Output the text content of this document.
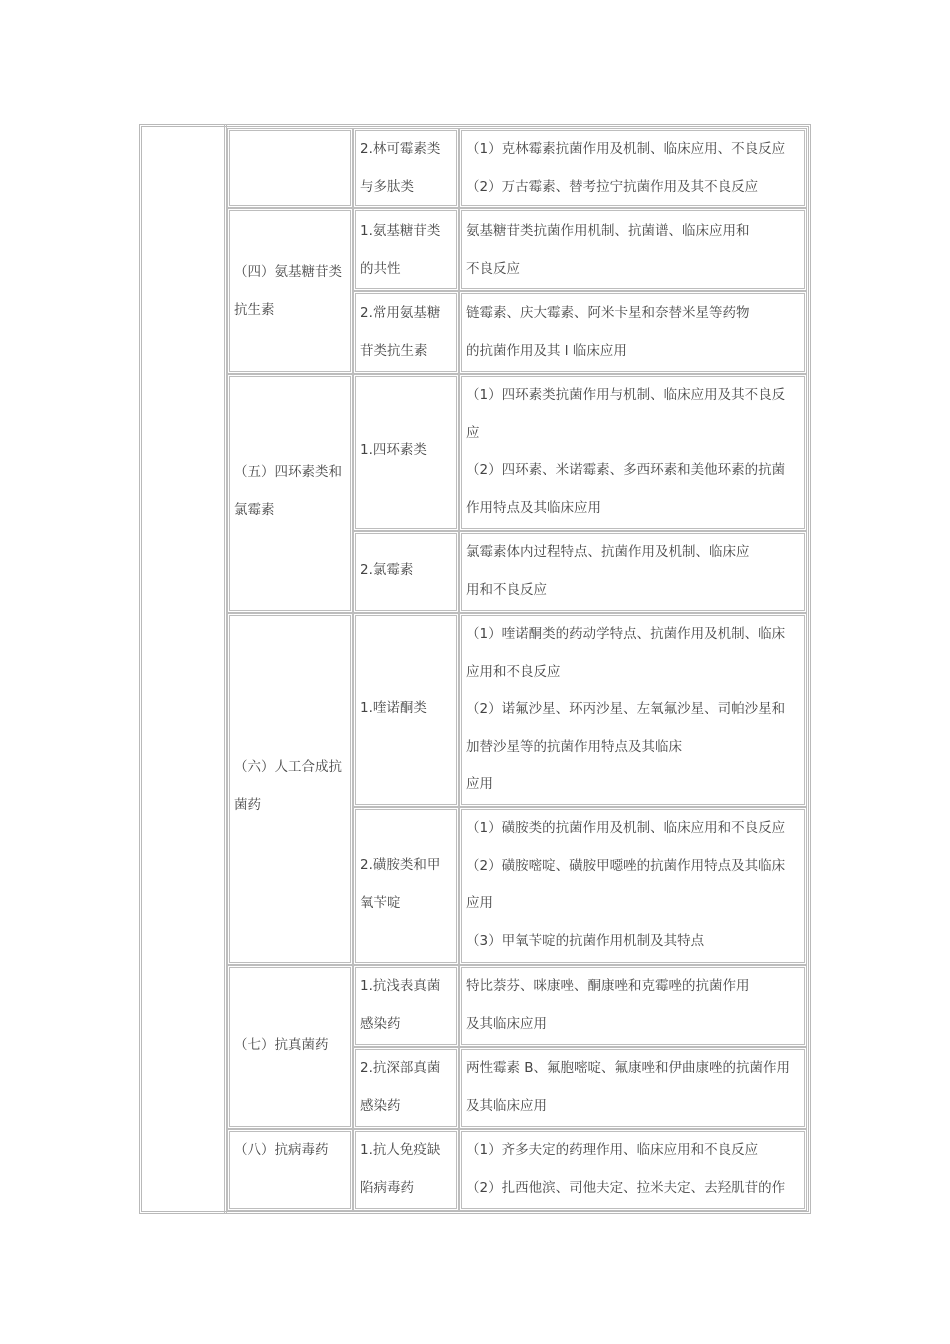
2.林可霉素类
与多肽类
（1）克林霉素抗菌作用及机制、临床应用、不良反应
（2）万古霉素、替考拉宁抗菌作用及其不良反应
（四）氨基糖苷类
抗生素
1.氨基糖苷类
的共性
氨基糖苷类抗菌作用机制、抗菌谱、临床应用和
不良反应
2.常用氨基糖
苷类抗生素
链霉素、庆大霉素、阿米卡星和奈替米星等药物
的抗菌作用及其 l 临床应用
（五）四环素类和
氯霉素
1.四环素类
（1）四环素类抗菌作用与机制、临床应用及其不良反
应
（2）四环素、米诺霉素、多西环素和美他环素的抗菌
作用特点及其临床应用
2.氯霉素
氯霉素体内过程特点、抗菌作用及机制、临床应
用和不良反应
（六）人工合成抗
菌药
1.喹诺酮类
（1）喹诺酮类的药动学特点、抗菌作用及机制、临床
应用和不良反应
（2）诺氟沙星、环丙沙星、左氧氟沙星、司帕沙星和
加替沙星等的抗菌作用特点及其临床
应用
2.磺胺类和甲
氧苄啶
（1）磺胺类的抗菌作用及机制、临床应用和不良反应
（2）磺胺嘧啶、磺胺甲噁唑的抗菌作用特点及其临床
应用
（3）甲氧苄啶的抗菌作用机制及其特点
（七）抗真菌药
1.抗浅表真菌
感染药
特比萘芬、咪康唑、酮康唑和克霉唑的抗菌作用
及其临床应用
2.抗深部真菌
感染药
两性霉素 B、氟胞嘧啶、氟康唑和伊曲康唑的抗菌作用
及其临床应用
（八）抗病毒药 1.抗人免疫缺
陷病毒药
（1）齐多夫定的药理作用、临床应用和不良反应
（2）扎西他滨、司他夫定、拉米夫定、去羟肌苷的作
